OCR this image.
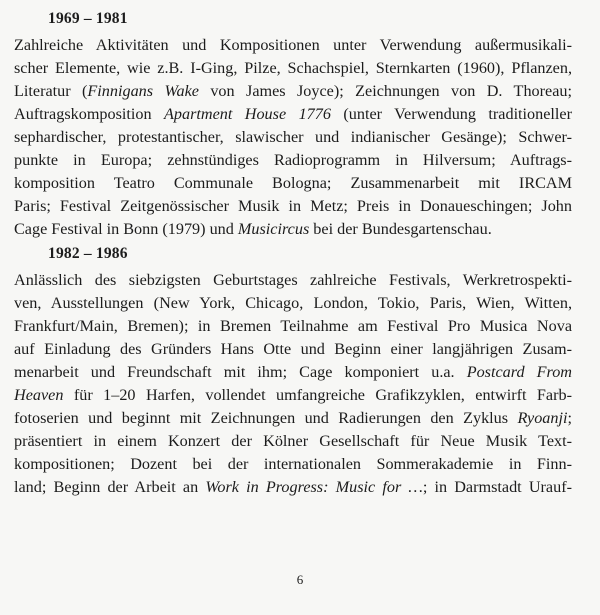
1969 – 1981
Zahlreiche Aktivitäten und Kompositionen unter Verwendung außermusikali-
scher Elemente, wie z.B. I-Ging, Pilze, Schachspiel, Sternkarten (1960), Pflanzen,
Literatur (Finnigans Wake von James Joyce); Zeichnungen von D. Thoreau;
Auftragskomposition Apartment House 1776 (unter Verwendung traditioneller
sephardischer, protestantischer, slawischer und indianischer Gesänge); Schwer-
punkte in Europa; zehnstündiges Radioprogramm in Hilversum; Auftrags-
komposition Teatro Communale Bologna; Zusammenarbeit mit IRCAM
Paris; Festival Zeitgenössischer Musik in Metz; Preis in Donaueschingen; John
Cage Festival in Bonn (1979) und Musicircus bei der Bundesgartenschau.
1982 – 1986
Anlässlich des siebzigsten Geburtstages zahlreiche Festivals, Werkretrospekti-
ven, Ausstellungen (New York, Chicago, London, Tokio, Paris, Wien, Witten,
Frankfurt/Main, Bremen); in Bremen Teilnahme am Festival Pro Musica Nova
auf Einladung des Gründers Hans Otte und Beginn einer langjährigen Zusam-
menarbeit und Freundschaft mit ihm; Cage komponiert u.a. Postcard From
Heaven für 1–20 Harfen, vollendet umfangreiche Grafikzyklen, entwirft Farb-
fotoserien und beginnt mit Zeichnungen und Radierungen den Zyklus Ryoanji;
präsentiert in einem Konzert der Kölner Gesellschaft für Neue Musik Text-
kompositionen; Dozent bei der internationalen Sommerakademie in Finn-
land; Beginn der Arbeit an Work in Progress: Music for …; in Darmstadt Urauf-
6
